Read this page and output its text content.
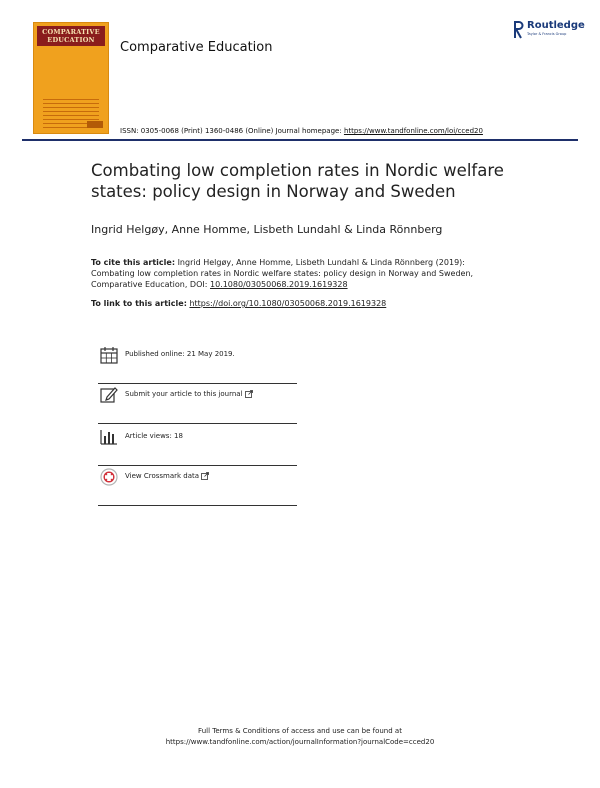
COMPARATIVE
EDUCATION	Comparative Education
Routledge
Taylor & Francis Group
ISSN: 0305-0068 (Print) 1360-0486 (Online) Journal homepage: https://www.tandfonline.com/loi/cced20
Combating low completion rates in Nordic welfare states: policy design in Norway and Sweden
Ingrid Helgøy, Anne Homme, Lisbeth Lundahl & Linda Rönnberg
To cite this article: Ingrid Helgøy, Anne Homme, Lisbeth Lundahl & Linda Rönnberg (2019): Combating low completion rates in Nordic welfare states: policy design in Norway and Sweden, Comparative Education, DOI: 10.1080/03050068.2019.1619328
To link to this article: https://doi.org/10.1080/03050068.2019.1619328
Published online: 21 May 2019.
Submit your article to this journal
Article views: 18
View Crossmark data
Full Terms & Conditions of access and use can be found at
https://www.tandfonline.com/action/journalInformation?journalCode=cced20
